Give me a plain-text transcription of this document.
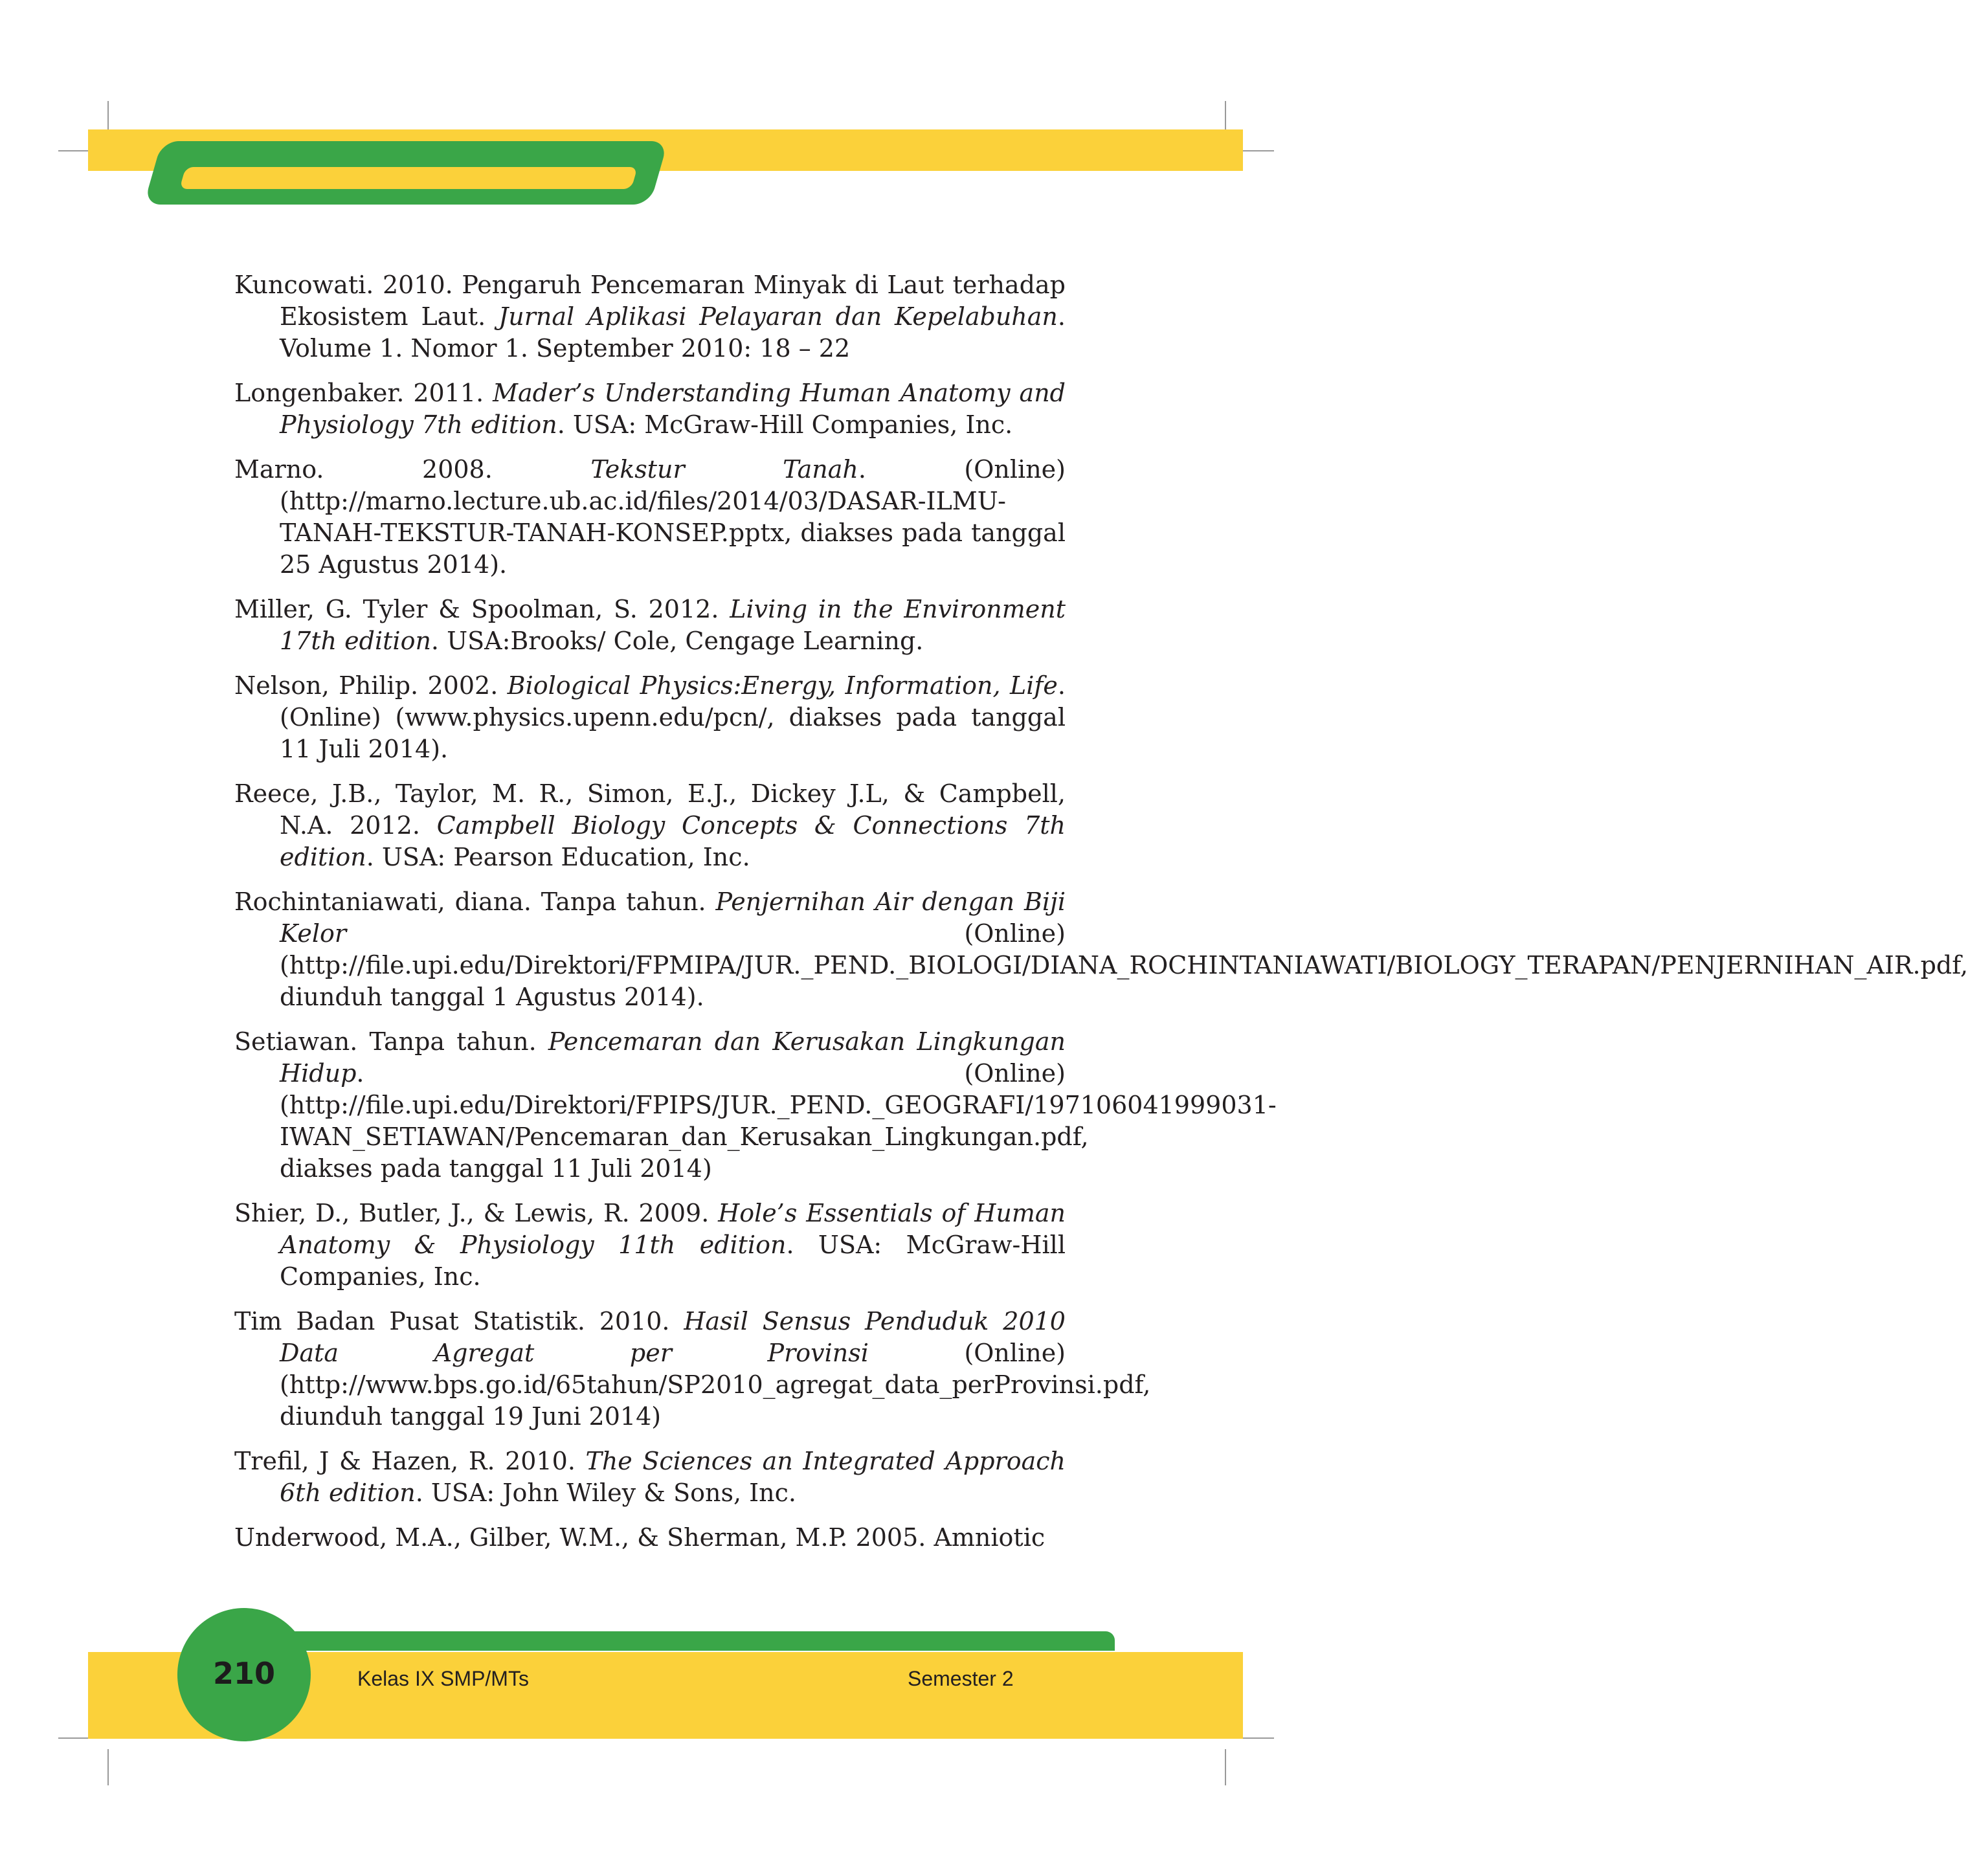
Kuncowati. 2010. Pengaruh Pencemaran Minyak di Laut terhadap Ekosistem Laut. Jurnal Aplikasi Pelayaran dan Kepelabuhan. Volume 1. Nomor 1. September 2010: 18 – 22
Longenbaker. 2011. Mader’s Understanding Human Anatomy and Physiology 7th edition. USA: McGraw-Hill Companies, Inc.
Marno. 2008. Tekstur Tanah. (Online)(http://marno.lecture.ub.ac.id/files/2014/03/DASAR-ILMU-TANAH-TEKSTUR-TANAH-KONSEP.pptx, diakses pada tanggal 25 Agustus 2014).
Miller, G. Tyler & Spoolman, S. 2012. Living in the Environment 17th edition. USA:Brooks/ Cole, Cengage Learning.
Nelson, Philip. 2002. Biological Physics:Energy, Information, Life. (Online) (www.physics.upenn.edu/pcn/, diakses pada tanggal 11 Juli 2014).
Reece, J.B., Taylor, M. R., Simon, E.J., Dickey J.L, & Campbell, N.A. 2012. Campbell Biology Concepts & Connections 7th edition. USA: Pearson Education, Inc.
Rochintaniawati, diana. Tanpa tahun. Penjernihan Air dengan Biji Kelor (Online) (http://file.upi.edu/Direktori/FPMIPA/JUR._PEND._BIOLOGI/DIANA_ROCHINTANIAWATI/BIOLOGY_TERAPAN/PENJERNIHAN_AIR.pdf, diunduh tanggal 1 Agustus 2014).
Setiawan. Tanpa tahun. Pencemaran dan Kerusakan Lingkungan Hidup. (Online) (http://file.upi.edu/Direktori/FPIPS/JUR._PEND._GEOGRAFI/197106041999031-IWAN_SETIAWAN/Pencemaran_dan_Kerusakan_Lingkungan.pdf, diakses pada tanggal 11 Juli 2014)
Shier, D., Butler, J., & Lewis, R. 2009. Hole’s Essentials of Human Anatomy & Physiology 11th edition. USA: McGraw-Hill Companies, Inc.
Tim Badan Pusat Statistik. 2010. Hasil Sensus Penduduk 2010 Data Agregat per Provinsi (Online)(http://www.bps.go.id/65tahun/SP2010_agregat_data_perProvinsi.pdf, diunduh tanggal 19 Juni 2014)
Trefil, J & Hazen, R. 2010. The Sciences an Integrated Approach 6th edition. USA: John Wiley & Sons, Inc.
Underwood, M.A., Gilber, W.M., & Sherman, M.P. 2005. Amniotic
210	Kelas IX SMP/MTs	Semester 2
